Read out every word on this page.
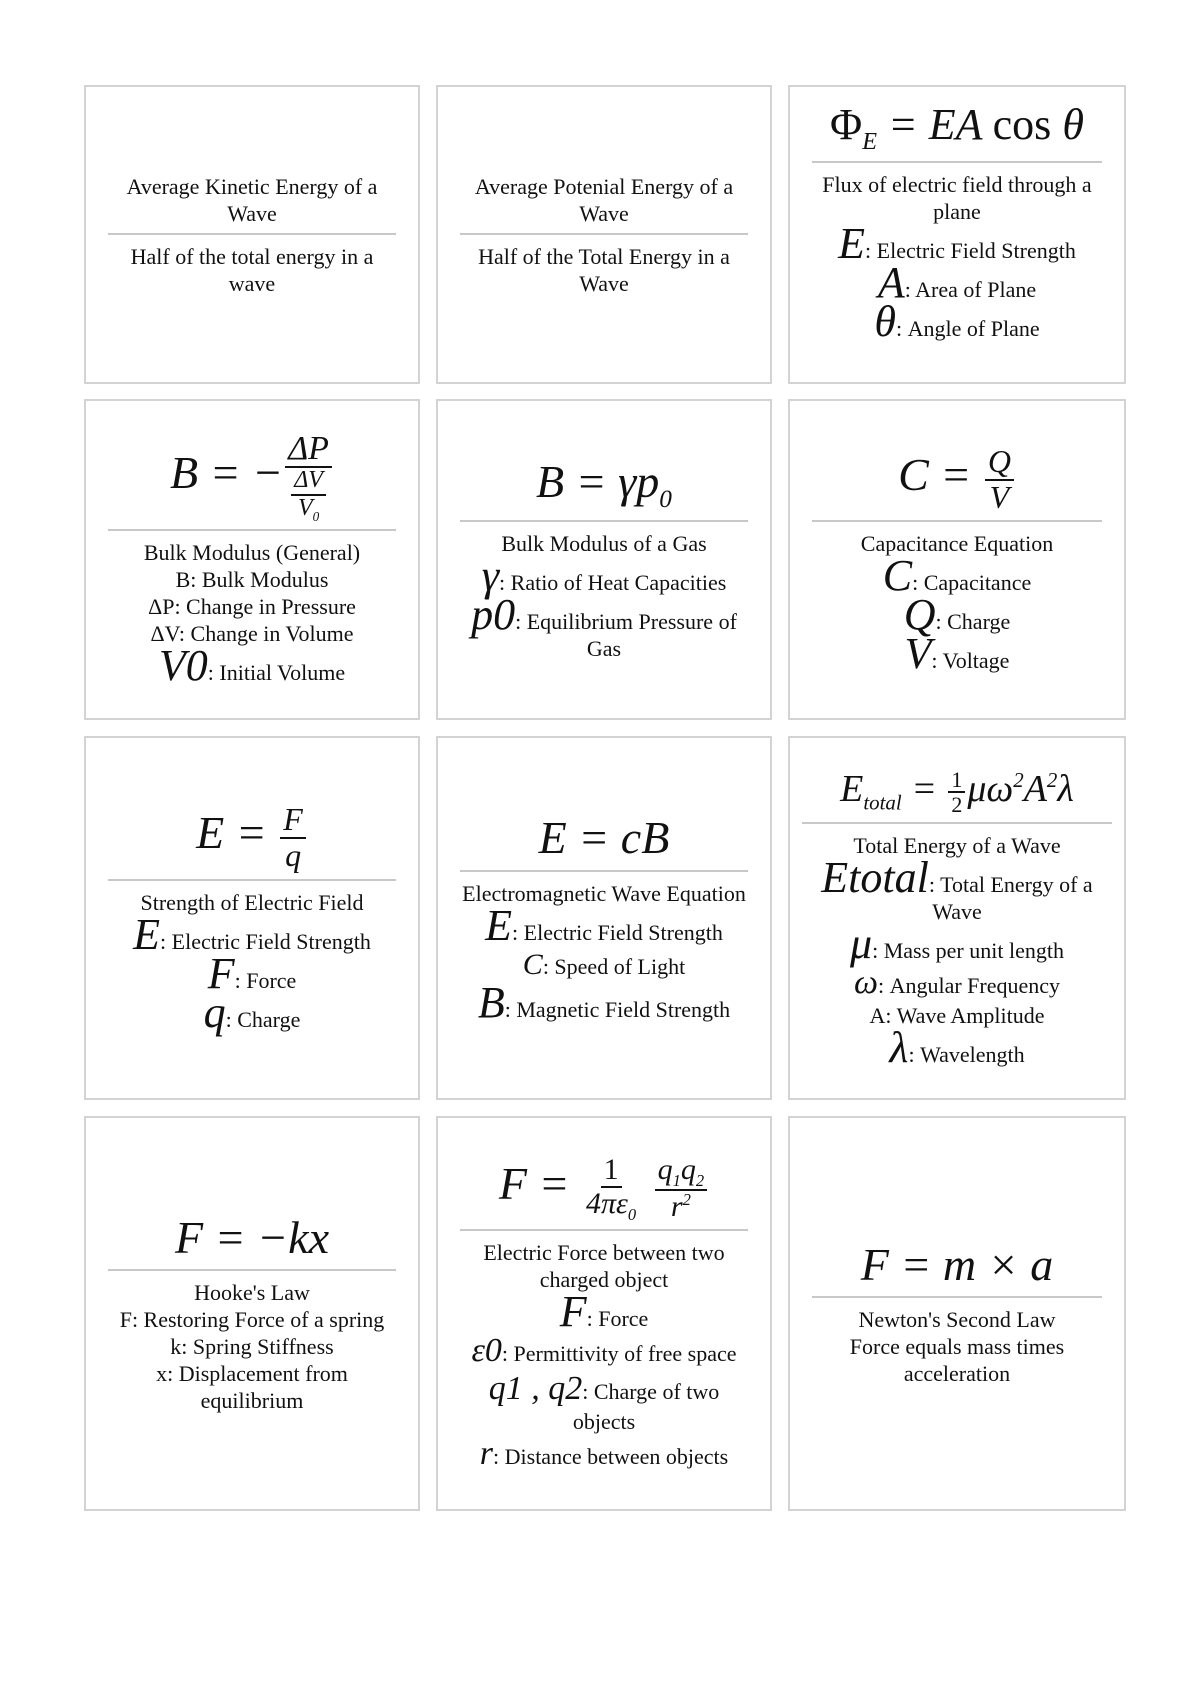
Average Kinetic Energy of a Wave
Half of the total energy in a wave
Average Potenial Energy of a Wave
Half of the Total Energy in a Wave
$\Phi_E$ = EA cos θ
Flux of electric field through a plane
E: Electric Field Strength
A: Area of Plane
θ: Angle of Plane
B = − $\frac{\Delta P}{\frac{\Delta V}{V_0}}$
Bulk Modulus (General)
B: Bulk Modulus
ΔP: Change in Pressure
ΔV: Change in Volume
V0: Initial Volume
$B = \gamma p_0$
Bulk Modulus of a Gas
γ: Ratio of Heat Capacities
p0: Equilibrium Pressure of Gas
$C = \frac{Q}{V}$
Capacitance Equation
C: Capacitance
Q: Charge
V: Voltage
$E = \frac{F}{q}$
Strength of Electric Field
E: Electric Field Strength
F: Force
q: Charge
E = cB
Electromagnetic Wave Equation
E: Electric Field Strength
C: Speed of Light
B: Magnetic Field Strength
$E_{total} = \frac{1}{2} \mu\omega^2A^2\lambda$
Total Energy of a Wave
Etotal: Total Energy of a Wave
μ: Mass per unit length
ω: Angular Frequency
A: Wave Amplitude
λ: Wavelength
F = −kx
Hooke's Law
F: Restoring Force of a spring
k: Spring Stiffness
x: Displacement from equilibrium
$F = \frac{1}{4\pi\varepsilon_0}$
$\frac{q_1q_2}{r^2}$
Electric Force between two charged object
F: Force
ε0: Permittivity of free space
q1 , q2: Charge of two objects
r: Distance between objects
F = m × a
Newton's Second Law
Force equals mass times acceleration
